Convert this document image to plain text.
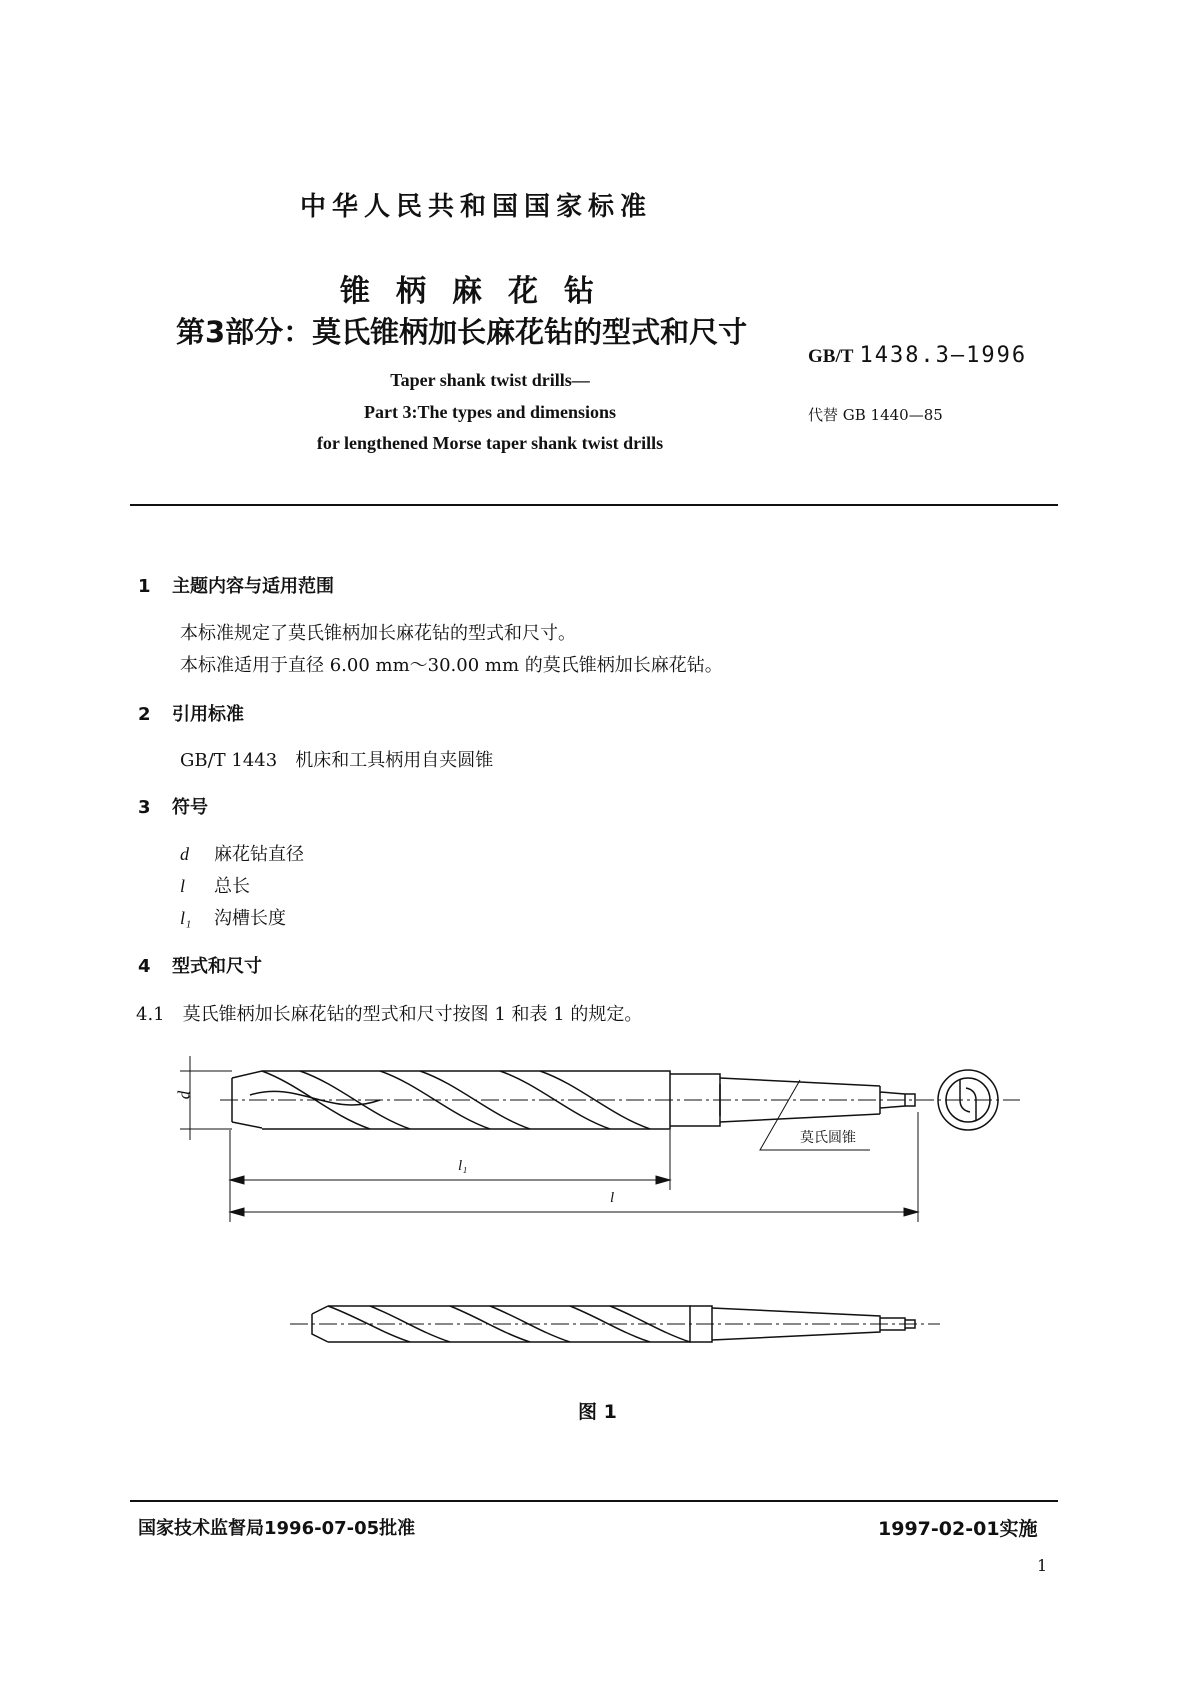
中华人民共和国国家标准
锥柄麻花钻
第3部分：莫氏锥柄加长麻花钻的型式和尺寸
GB/T 1438.3—1996
代替 GB 1440—85
Taper shank twist drills—
Part 3:The types and dimensions
for lengthened Morse taper shank twist drills
1 主题内容与适用范围
本标准规定了莫氏锥柄加长麻花钻的型式和尺寸。
本标准适用于直径 6.00 mm～30.00 mm 的莫氏锥柄加长麻花钻。
2 引用标准
GB/T 1443　机床和工具柄用自夹圆锥
3 符号
d 麻花钻直径
l 总长
l₁ 沟槽长度
4 型式和尺寸
4.1　莫氏锥柄加长麻花钻的型式和尺寸按图 1 和表 1 的规定。
d
l₁
l
莫氏圆锥
图 1
国家技术监督局1996-07-05批准	1997-02-01实施
1
